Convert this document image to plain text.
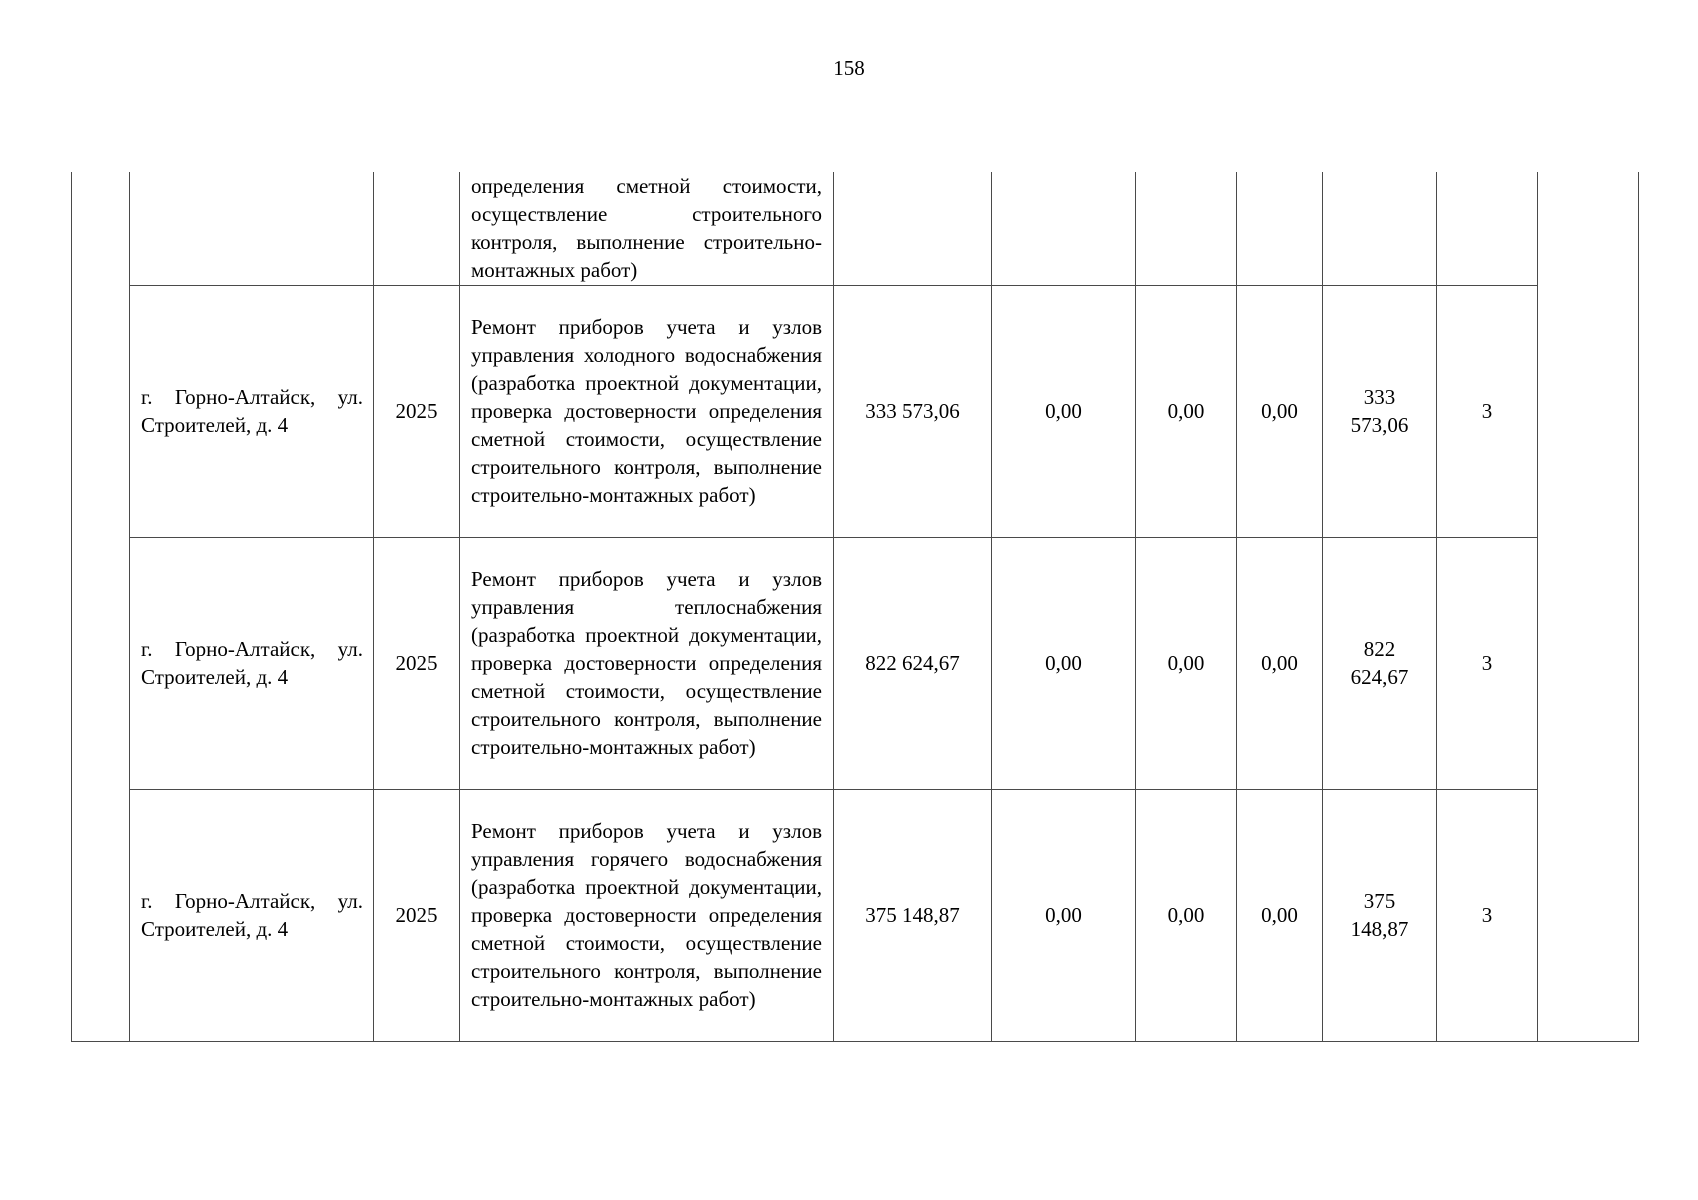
158
			определения сметной стоимости, осуществление строительного контроля, выполнение строительно-монтажных работ)							
	г. Горно-Алтайск, ул. Строителей, д. 4	2025	Ремонт приборов учета и узлов управления холодного водоснабжения (разработка проектной документации, проверка достоверности определения сметной стоимости, осуществление строительного контроля, выполнение строительно-монтажных работ)	333 573,06	0,00	0,00	0,00	333 573,06	3	
	г. Горно-Алтайск, ул. Строителей, д. 4	2025	Ремонт приборов учета и узлов управления теплоснабжения (разработка проектной документации, проверка достоверности определения сметной стоимости, осуществление строительного контроля, выполнение строительно-монтажных работ)	822 624,67	0,00	0,00	0,00	822 624,67	3	
	г. Горно-Алтайск, ул. Строителей, д. 4	2025	Ремонт приборов учета и узлов управления горячего водоснабжения (разработка проектной документации, проверка достоверности определения сметной стоимости, осуществление строительного контроля, выполнение строительно-монтажных работ)	375 148,87	0,00	0,00	0,00	375 148,87	3	
